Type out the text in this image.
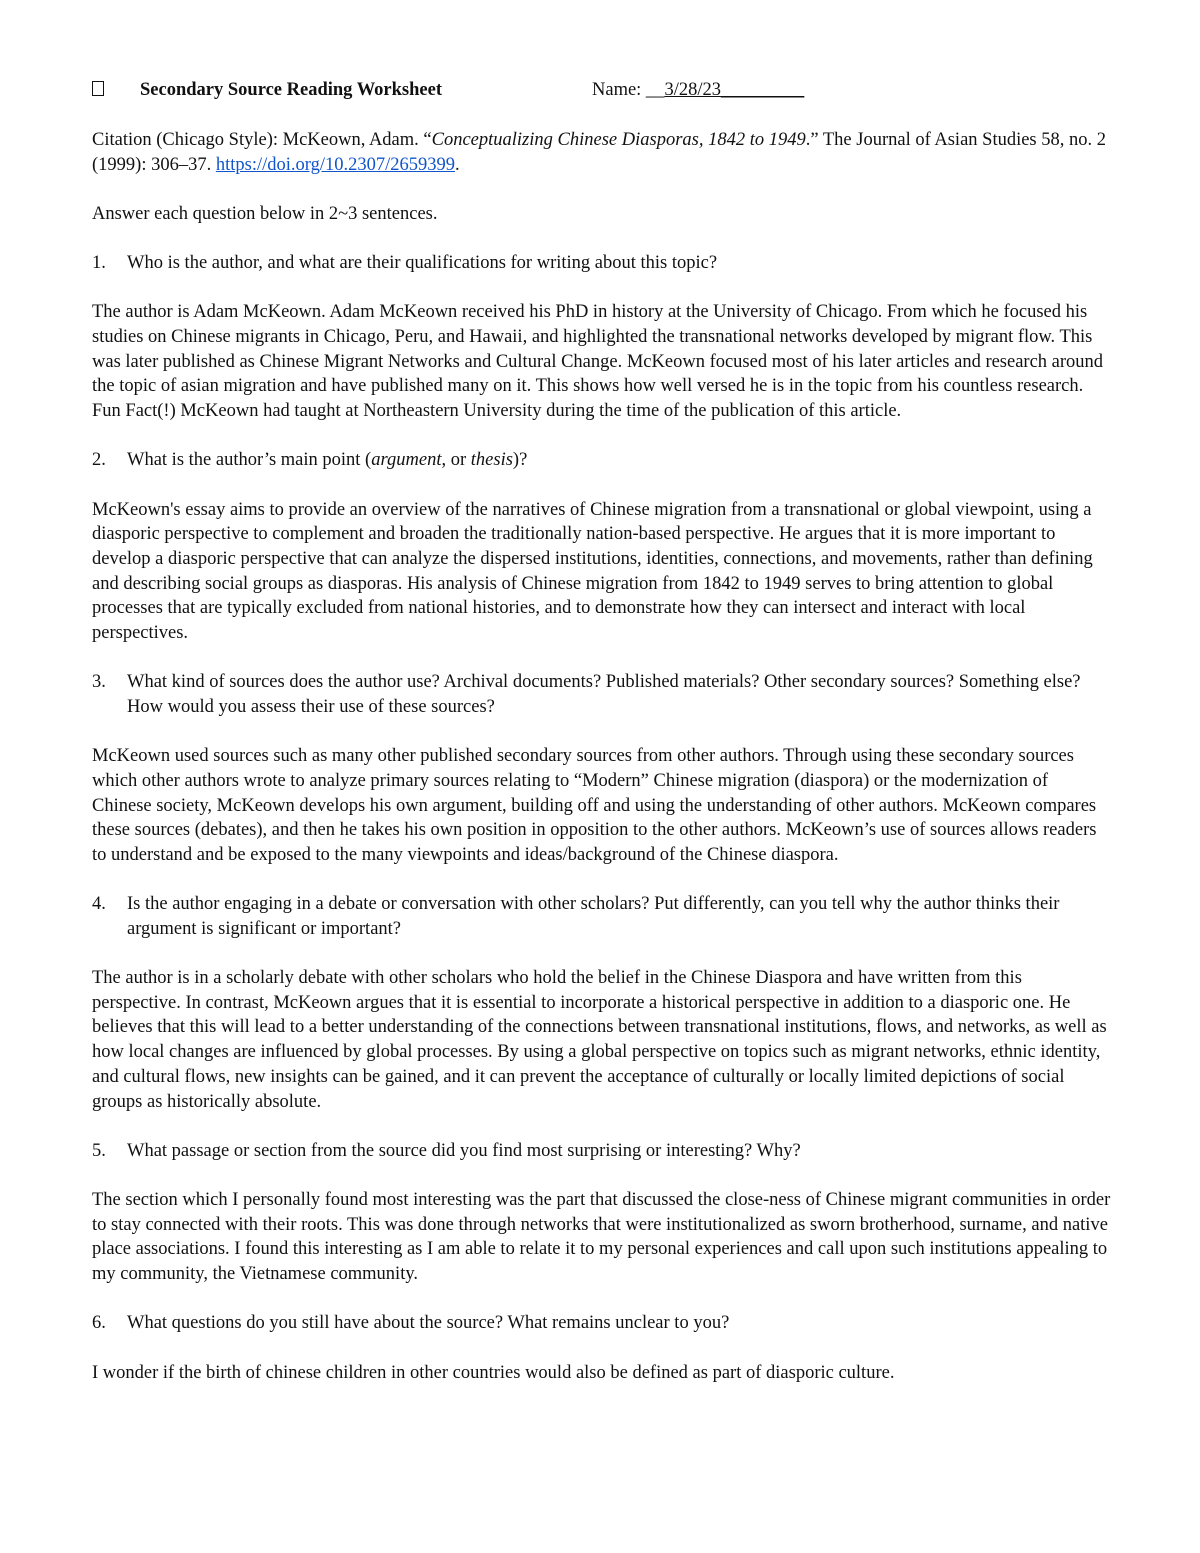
Secondary Source Reading Worksheet	Name: __3/28/23_________

Citation (Chicago Style): McKeown, Adam. “Conceptualizing Chinese Diasporas, 1842 to 1949.” The Journal of Asian Studies 58, no. 2 (1999): 306–37. https://doi.org/10.2307/2659399.

Answer each question below in 2~3 sentences.

1.	Who is the author, and what are their qualifications for writing about this topic?

The author is Adam McKeown. Adam McKeown received his PhD in history at the University of Chicago. From which he focused his studies on Chinese migrants in Chicago, Peru, and Hawaii, and highlighted the transnational networks developed by migrant flow. This was later published as Chinese Migrant Networks and Cultural Change. McKeown focused most of his later articles and research around the topic of asian migration and have published many on it. This shows how well versed he is in the topic from his countless research. Fun Fact(!) McKeown had taught at Northeastern University during the time of the publication of this article.

2.	What is the author’s main point (argument, or thesis)?

McKeown's essay aims to provide an overview of the narratives of Chinese migration from a transnational or global viewpoint, using a diasporic perspective to complement and broaden the traditionally nation-based perspective. He argues that it is more important to develop a diasporic perspective that can analyze the dispersed institutions, identities, connections, and movements, rather than defining and describing social groups as diasporas. His analysis of Chinese migration from 1842 to 1949 serves to bring attention to global processes that are typically excluded from national histories, and to demonstrate how they can intersect and interact with local perspectives.

3.	What kind of sources does the author use? Archival documents? Published materials? Other secondary sources? Something else? How would you assess their use of these sources?

McKeown used sources such as many other published secondary sources from other authors. Through using these secondary sources which other authors wrote to analyze primary sources relating to “Modern” Chinese migration (diaspora) or the modernization of Chinese society, McKeown develops his own argument, building off and using the understanding of other authors. McKeown compares these sources (debates), and then he takes his own position in opposition to the other authors. McKeown’s use of sources allows readers to understand and be exposed to the many viewpoints and ideas/background of the Chinese diaspora.

4.	Is the author engaging in a debate or conversation with other scholars? Put differently, can you tell why the author thinks their argument is significant or important?

The author is in a scholarly debate with other scholars who hold the belief in the Chinese Diaspora and have written from this perspective. In contrast, McKeown argues that it is essential to incorporate a historical perspective in addition to a diasporic one. He believes that this will lead to a better understanding of the connections between transnational institutions, flows, and networks, as well as how local changes are influenced by global processes. By using a global perspective on topics such as migrant networks, ethnic identity, and cultural flows, new insights can be gained, and it can prevent the acceptance of culturally or locally limited depictions of social groups as historically absolute.

5.	What passage or section from the source did you find most surprising or interesting? Why?

The section which I personally found most interesting was the part that discussed the close-ness of Chinese migrant communities in order to stay connected with their roots. This was done through networks that were institutionalized as sworn brotherhood, surname, and native place associations. I found this interesting as I am able to relate it to my personal experiences and call upon such institutions appealing to my community, the Vietnamese community.

6.	What questions do you still have about the source? What remains unclear to you?

I wonder if the birth of chinese children in other countries would also be defined as part of diasporic culture.
